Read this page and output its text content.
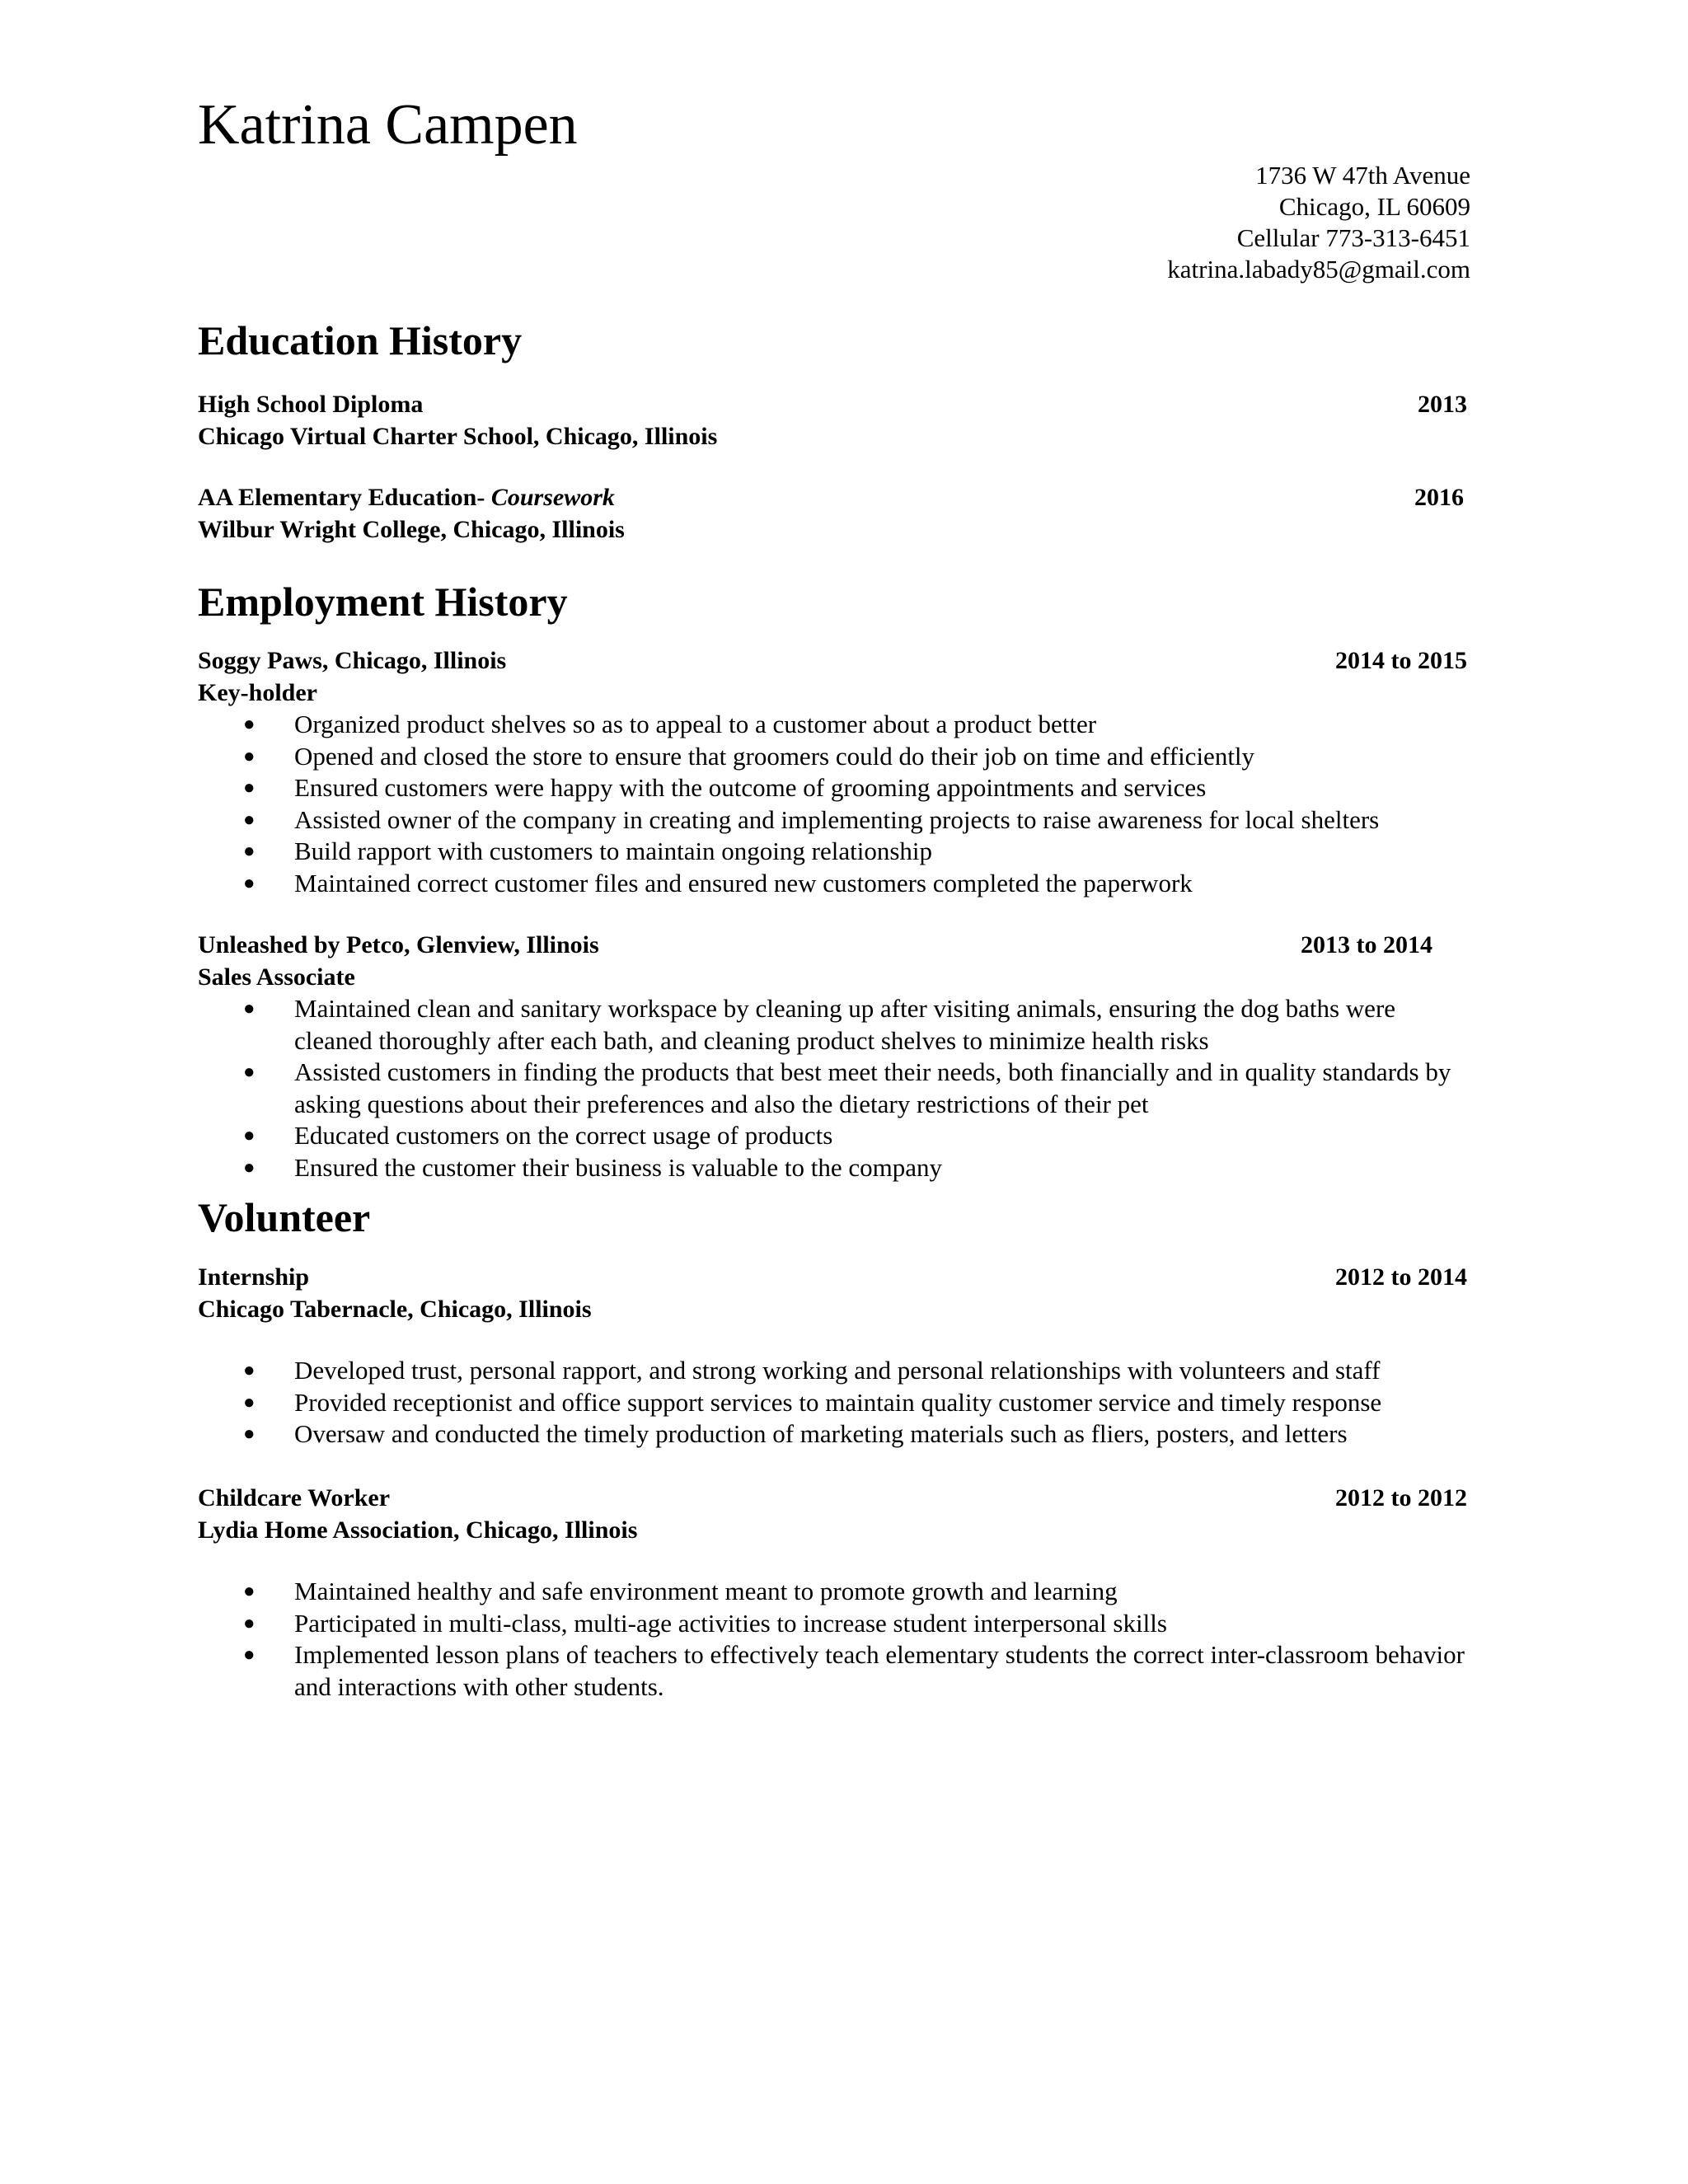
Katrina Campen
1736 W 47th Avenue
Chicago, IL 60609
Cellular 773-313-6451
katrina.labady85@gmail.com
Education History
High School Diploma	2013
Chicago Virtual Charter School, Chicago, Illinois
AA Elementary Education- Coursework	2016
Wilbur Wright College, Chicago, Illinois
Employment History
Soggy Paws, Chicago, Illinois	2014 to 2015
Key-holder
● Organized product shelves so as to appeal to a customer about a product better
● Opened and closed the store to ensure that groomers could do their job on time and efficiently
● Ensured customers were happy with the outcome of grooming appointments and services
● Assisted owner of the company in creating and implementing projects to raise awareness for local shelters
● Build rapport with customers to maintain ongoing relationship
● Maintained correct customer files and ensured new customers completed the paperwork
Unleashed by Petco, Glenview, Illinois	2013 to 2014
Sales Associate
● Maintained clean and sanitary workspace by cleaning up after visiting animals, ensuring the dog baths were cleaned thoroughly after each bath, and cleaning product shelves to minimize health risks
● Assisted customers in finding the products that best meet their needs, both financially and in quality standards by asking questions about their preferences and also the dietary restrictions of their pet
● Educated customers on the correct usage of products
● Ensured the customer their business is valuable to the company
Volunteer
Internship	2012 to 2014
Chicago Tabernacle, Chicago, Illinois
● Developed trust, personal rapport, and strong working and personal relationships with volunteers and staff
● Provided receptionist and office support services to maintain quality customer service and timely response
● Oversaw and conducted the timely production of marketing materials such as fliers, posters, and letters
Childcare Worker	2012 to 2012
Lydia Home Association, Chicago, Illinois
● Maintained healthy and safe environment meant to promote growth and learning
● Participated in multi-class, multi-age activities to increase student interpersonal skills
● Implemented lesson plans of teachers to effectively teach elementary students the correct inter-classroom behavior and interactions with other students.
